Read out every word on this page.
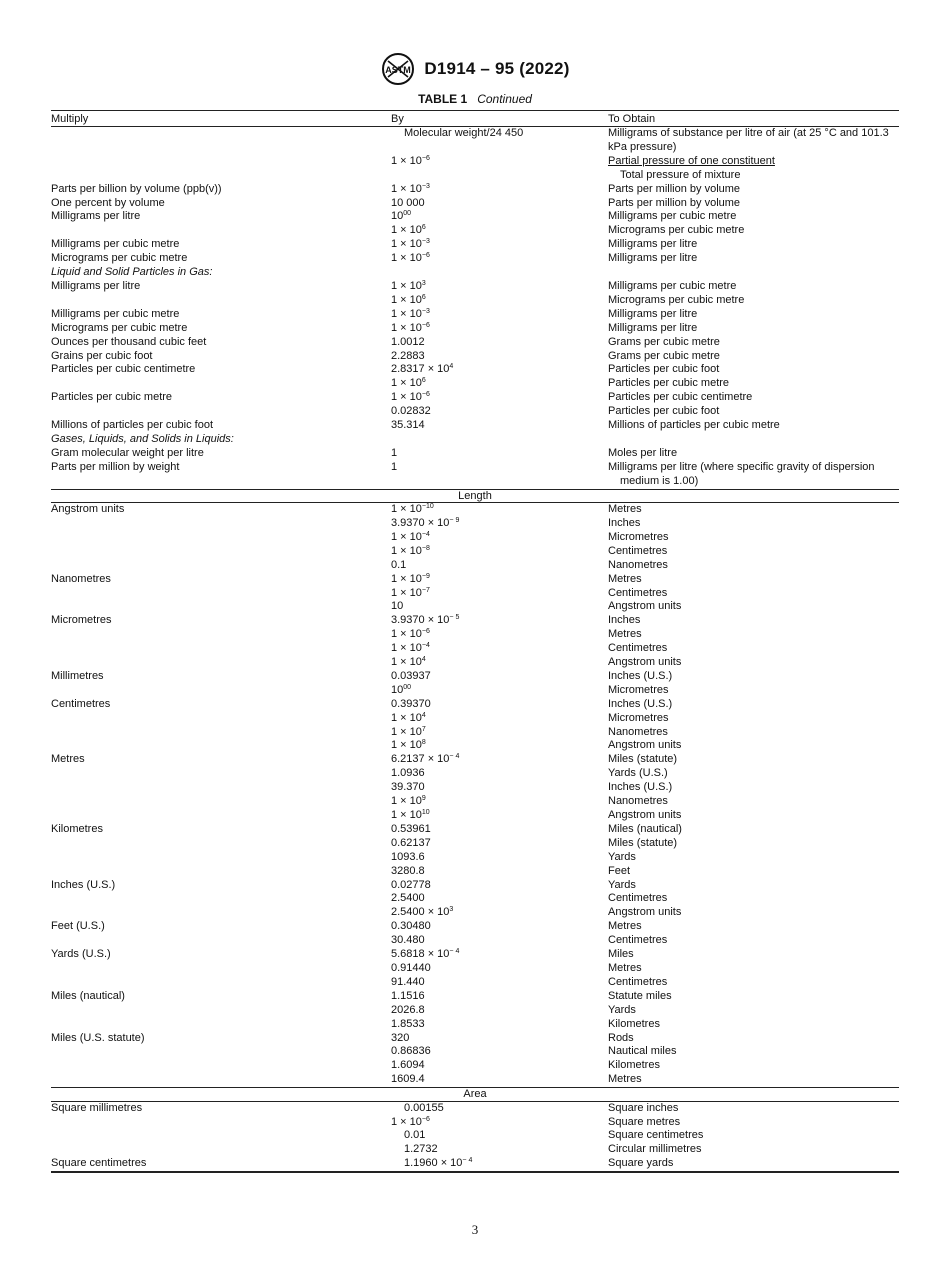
ASTM D1914 – 95 (2022)
TABLE 1 Continued
Multiply	By	To Obtain
	Molecular weight/24 450	Milligrams of substance per litre of air (at 25 °C and 101.3 kPa pressure)
	$1 \times 10^{-6}$	Partial pressure of one constituent
Total pressure of mixture

Parts per billion by volume (ppb(v))	$1 \times 10^{-3}$	Parts per million by volume
One percent by volume	10 000	Parts per million by volume
Milligrams per litre	$10^{00}$	Milligrams per cubic metre
	$1 \times 10^6$	Micrograms per cubic metre
Milligrams per cubic metre	$1 \times 10^{-3}$	Milligrams per litre
Micrograms per cubic metre	$1 \times 10^{-6}$	Milligrams per litre
Liquid and Solid Particles in Gas:		
Milligrams per litre	$1 \times 10^3$	Milligrams per cubic metre
	$1 \times 10^6$	Micrograms per cubic metre
Milligrams per cubic metre	$1 \times 10^{-3}$	Milligrams per litre
Micrograms per cubic metre	$1 \times 10^{-6}$	Milligrams per litre
Ounces per thousand cubic feet	1.0012	Grams per cubic metre
Grains per cubic foot	2.2883	Grams per cubic metre
Particles per cubic centimetre	$2.8317 \times 10^4$	Particles per cubic foot
	$1 \times 10^6$	Particles per cubic metre
Particles per cubic metre	$1 \times 10^{-6}$	Particles per cubic centimetre
	0.02832	Particles per cubic foot
Millions of particles per cubic foot	35.314	Millions of particles per cubic metre
Gases, Liquids, and Solids in Liquids:		
Gram molecular weight per litre	1	Moles per litre
Parts per million by weight	1	Milligrams per litre (where specific gravity of dispersion
medium is 1.00)

Length		
Angstrom units	$1 \times 10^{-10}$	Metres
	$3.9370 \times 10^{- 9}$	Inches
	$1 \times 10^{-4}$	Micrometres
	$1 \times 10^{-8}$	Centimetres
	0.1	Nanometres
Nanometres	$1 \times 10^{-9}$	Metres
	$1 \times 10^{-7}$	Centimetres
	10	Angstrom units
Micrometres	$3.9370 \times 10^{- 5}$	Inches
	$1 \times 10^{-6}$	Metres
	$1 \times 10^{-4}$	Centimetres
	$1 \times 10^4$	Angstrom units
Millimetres	0.03937	Inches (U.S.)
	$10^{00}$	Micrometres
Centimetres	0.39370	Inches (U.S.)
	$1 \times 10^4$	Micrometres
	$1 \times 10^7$	Nanometres
	$1 \times 10^8$	Angstrom units
Metres	$6.2137 \times 10^{- 4}$	Miles (statute)
	1.0936	Yards (U.S.)
	39.370	Inches (U.S.)
	$1 \times 10^9$	Nanometres
	$1 \times 10^{10}$	Angstrom units
Kilometres	0.53961	Miles (nautical)
	0.62137	Miles (statute)
	1093.6	Yards
	3280.8	Feet
Inches (U.S.)	0.02778	Yards
	2.5400	Centimetres
	$2.5400 \times 10^3$	Angstrom units
Feet (U.S.)	0.30480	Metres
	30.480	Centimetres
Yards (U.S.)	$5.6818 \times 10^{- 4}$	Miles
	0.91440	Metres
	91.440	Centimetres
Miles (nautical)	1.1516	Statute miles
	2026.8	Yards
	1.8533	Kilometres
Miles (U.S. statute)	320	Rods
	0.86836	Nautical miles
	1.6094	Kilometres
	1609.4	Metres
Area		
Square millimetres	0.00155	Square inches
	$1 \times 10^{-6}$	Square metres
	0.01	Square centimetres
	1.2732	Circular millimetres
Square centimetres	$1.1960 \times 10^{- 4}$	Square yards
3
